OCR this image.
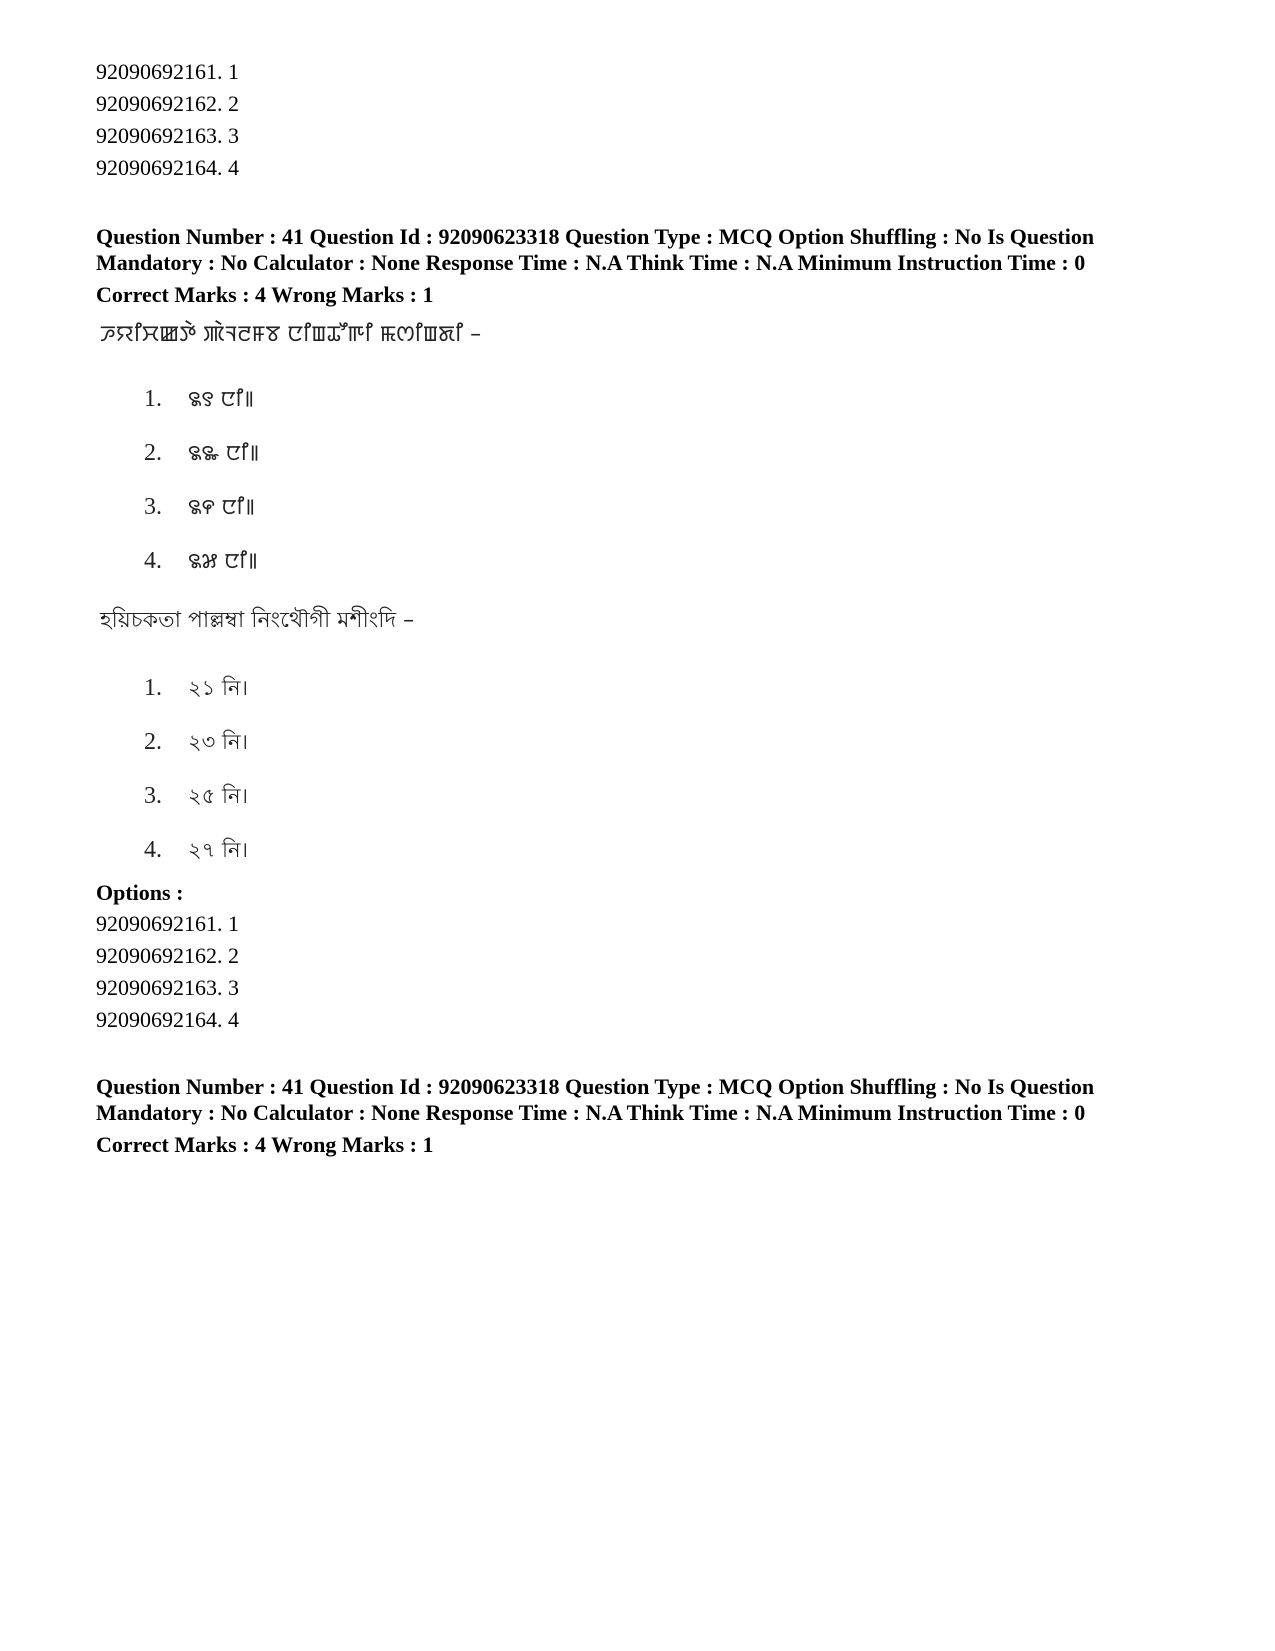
92090692161. 1
92090692162. 2
92090692163. 3
92090692164. 4
Question Number : 41 Question Id : 92090623318 Question Type : MCQ Option Shuffling : No Is Question
Mandatory : No Calculator : None Response Time : N.A Think Time : N.A Minimum Instruction Time : 0
Correct Marks : 4 Wrong Marks : 1
ꯍꯌꯤꯆꯀꯇꯥ ꯄꯥꯜꯂꯝꯕ ꯅꯤꯡꯊꯧꯒꯤ ꯃꯁꯤꯡꯗꯤ –
1. ꯲꯱ ꯅꯤ꯫
2. ꯲꯳ ꯅꯤ꯫
3. ꯲꯵ ꯅꯤ꯫
4. ꯲꯷ ꯅꯤ꯫
হয়িচকতা পাল্লম্বা নিংথৌগী মশীংদি –
1. ২১ নি।
2. ২৩ নি।
3. ২৫ নি।
4. ২৭ নি।
Options :
92090692161. 1
92090692162. 2
92090692163. 3
92090692164. 4
Question Number : 41 Question Id : 92090623318 Question Type : MCQ Option Shuffling : No Is Question
Mandatory : No Calculator : None Response Time : N.A Think Time : N.A Minimum Instruction Time : 0
Correct Marks : 4 Wrong Marks : 1
